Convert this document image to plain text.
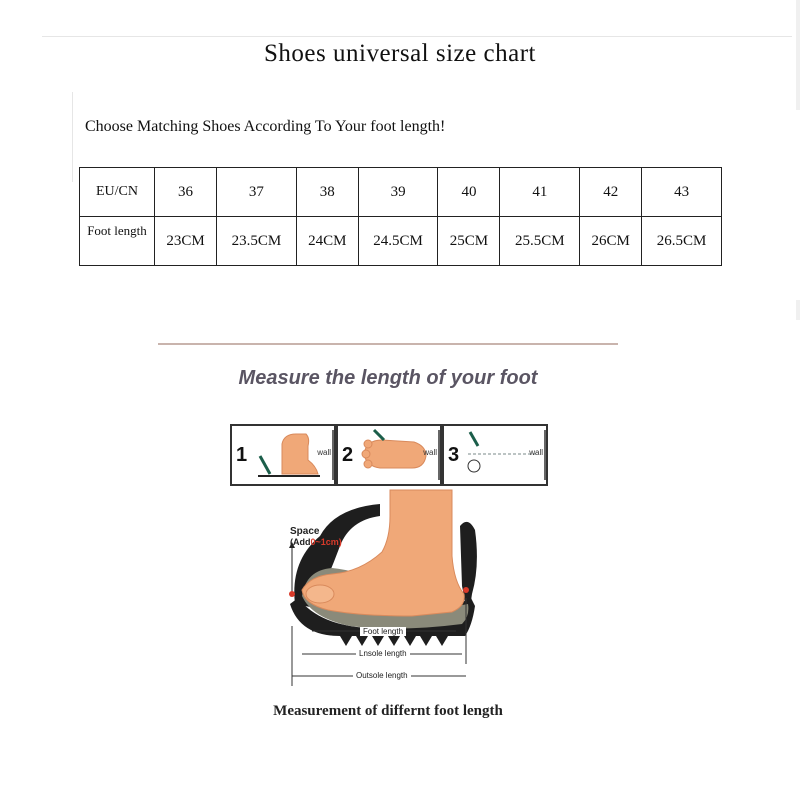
Shoes universal size chart
Choose Matching Shoes According To Your foot length!
EU/CN	36	37	38	39	40	41	42	43
Foot length	23CM	23.5CM	24CM	24.5CM	25CM	25.5CM	26CM	26.5CM
Measure the length of your foot
1	wall 2	wall 3	wall
Space
(Add0~1cm)
Foot length
Lnsole length
Outsole length
Measurement of differnt foot length
